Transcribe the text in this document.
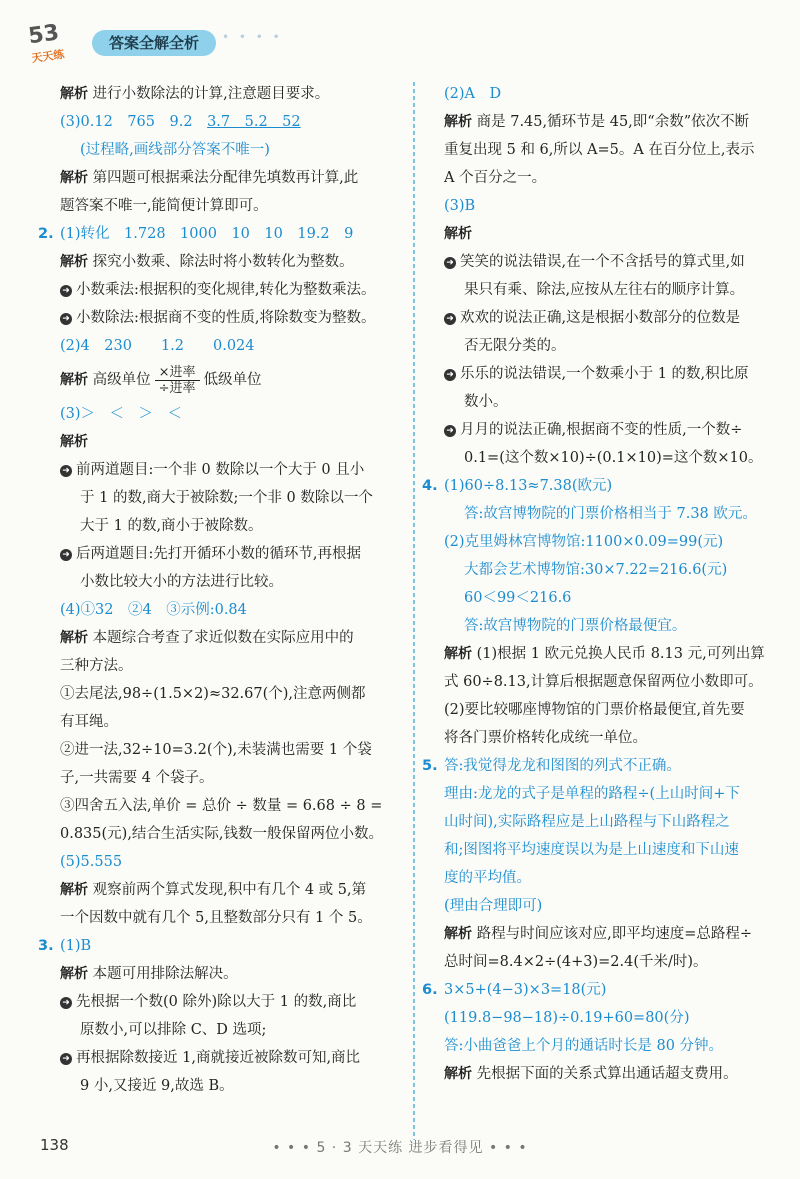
53
天天练
答案全解全析	• • • •
解析 进行小数除法的计算,注意题目要求。
(3)0.12　765　9.2　3.7　5.2　52
(过程略,画线部分答案不唯一)
解析 第四题可根据乘法分配律先填数再计算,此
题答案不唯一,能简便计算即可。
2. (1)转化　1.728　1000　10　10　19.2　9
解析 探究小数乘、除法时将小数转化为整数。
➜ 小数乘法:根据积的变化规律,转化为整数乘法。
➜ 小数除法:根据商不变的性质,将除数变为整数。
(2)4　230　　1.2　　0.024
解析 高级单位 $\frac{\text{×进率}}{\text{÷进率}}$ 低级单位
(3)＞　＜　＞　＜
解析
➜ 前两道题目:一个非 0 数除以一个大于 0 且小
于 1 的数,商大于被除数;一个非 0 数除以一个
大于 1 的数,商小于被除数。
➜ 后两道题目:先打开循环小数的循环节,再根据
小数比较大小的方法进行比较。
(4)①32　②4　③示例:0.84
解析 本题综合考查了求近似数在实际应用中的
三种方法。
①去尾法,98÷(1.5×2)≈32.67(个),注意两侧都
有耳绳。
②进一法,32÷10=3.2(个),未装满也需要 1 个袋
子,一共需要 4 个袋子。
③四舍五入法,单价 = 总价 ÷ 数量 = 6.68 ÷ 8 =
0.835(元),结合生活实际,钱数一般保留两位小数。
(5)5.555
解析 观察前两个算式发现,积中有几个 4 或 5,第
一个因数中就有几个 5,且整数部分只有 1 个 5。
3. (1)B
解析 本题可用排除法解决。
➜ 先根据一个数(0 除外)除以大于 1 的数,商比
原数小,可以排除 C、D 选项;
➜ 再根据除数接近 1,商就接近被除数可知,商比
9 小,又接近 9,故选 B。
(2)A　D
解析 商是 7.45,循环节是 45,即“余数”依次不断
重复出现 5 和 6,所以 A=5。A 在百分位上,表示
A 个百分之一。
(3)B
解析
➜ 笑笑的说法错误,在一个不含括号的算式里,如
果只有乘、除法,应按从左往右的顺序计算。
➜ 欢欢的说法正确,这是根据小数部分的位数是
否无限分类的。
➜ 乐乐的说法错误,一个数乘小于 1 的数,积比原
数小。
➜ 月月的说法正确,根据商不变的性质,一个数÷
0.1=(这个数×10)÷(0.1×10)=这个数×10。
4. (1)60÷8.13≈7.38(欧元)
答:故宫博物院的门票价格相当于 7.38 欧元。
(2)克里姆林宫博物馆:1100×0.09=99(元)
大都会艺术博物馆:30×7.22=216.6(元)
60＜99＜216.6
答:故宫博物院的门票价格最便宜。
解析 (1)根据 1 欧元兑换人民币 8.13 元,可列出算
式 60÷8.13,计算后根据题意保留两位小数即可。
(2)要比较哪座博物馆的门票价格最便宜,首先要
将各门票价格转化成统一单位。
5. 答:我觉得龙龙和图图的列式不正确。
理由:龙龙的式子是单程的路程÷(上山时间+下
山时间),实际路程应是上山路程与下山路程之
和;图图将平均速度误以为是上山速度和下山速
度的平均值。
(理由合理即可)
解析 路程与时间应该对应,即平均速度=总路程÷
总时间=8.4×2÷(4+3)=2.4(千米/时)。
6. 3×5+(4−3)×3=18(元)
(119.8−98−18)÷0.19+60=80(分)
答:小曲爸爸上个月的通话时长是 80 分钟。
解析 先根据下面的关系式算出通话超支费用。
138	• • • 5 · 3 天天练 进步看得见 • • •
